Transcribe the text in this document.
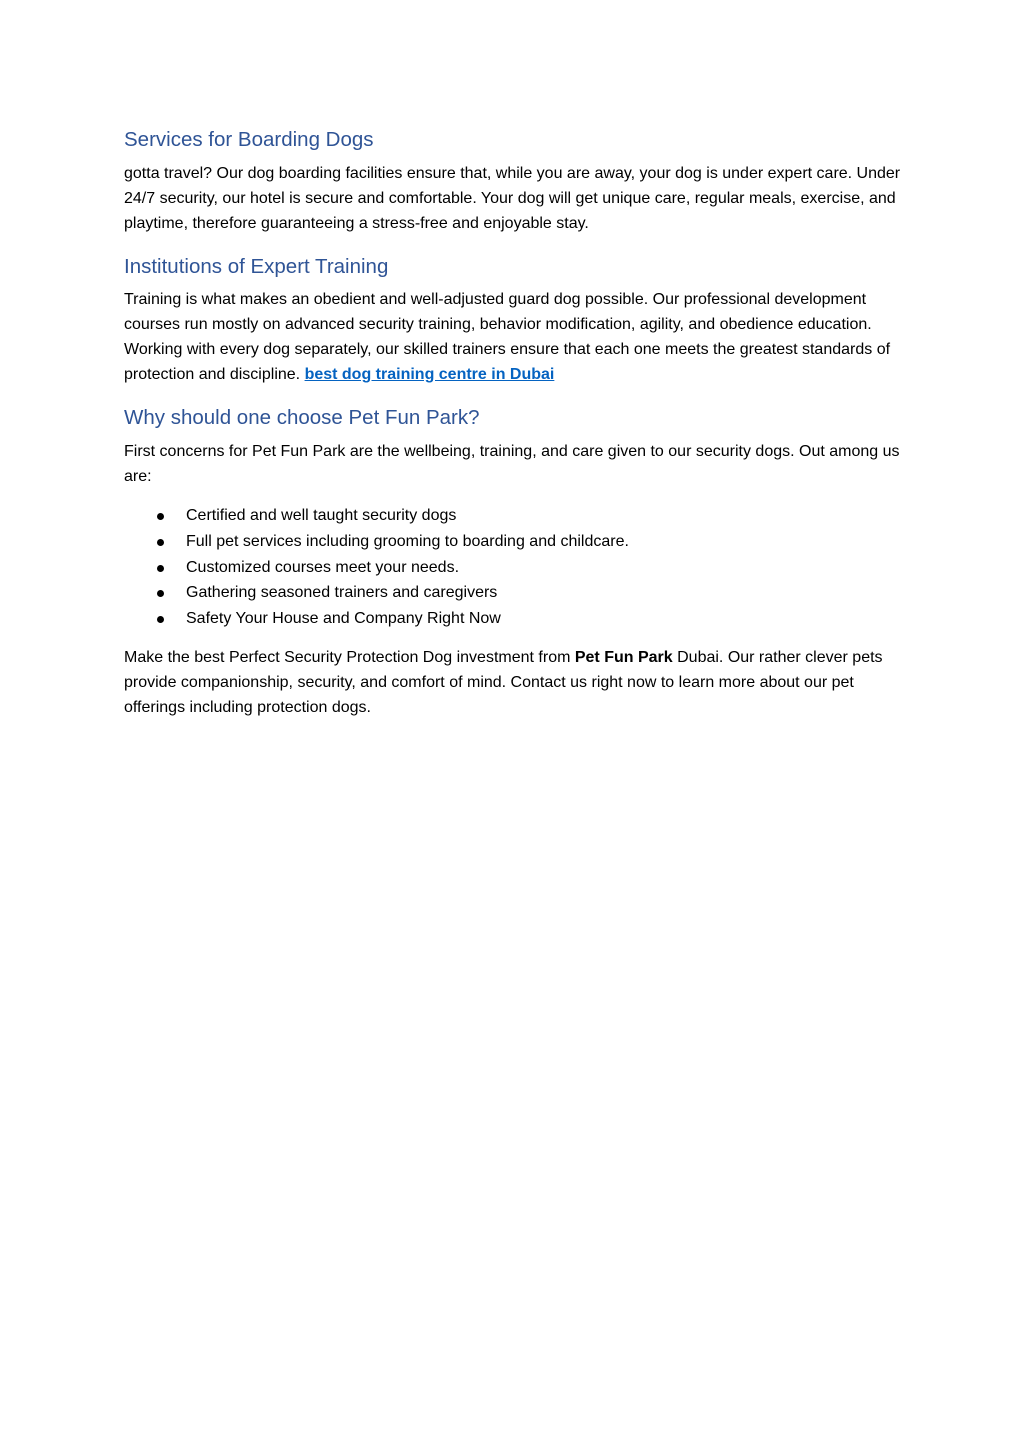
Services for Boarding Dogs

gotta travel? Our dog boarding facilities ensure that, while you are away, your dog is under expert care. Under 24/7 security, our hotel is secure and comfortable. Your dog will get unique care, regular meals, exercise, and playtime, therefore guaranteeing a stress-free and enjoyable stay.

Institutions of Expert Training

Training is what makes an obedient and well-adjusted guard dog possible. Our professional development courses run mostly on advanced security training, behavior modification, agility, and obedience education. Working with every dog separately, our skilled trainers ensure that each one meets the greatest standards of protection and discipline. best dog training centre in Dubai

Why should one choose Pet Fun Park?

First concerns for Pet Fun Park are the wellbeing, training, and care given to our security dogs. Out among us are:

Certified and well taught security dogs
Full pet services including grooming to boarding and childcare.
Customized courses meet your needs.
Gathering seasoned trainers and caregivers
Safety Your House and Company Right Now

Make the best Perfect Security Protection Dog investment from Pet Fun Park Dubai. Our rather clever pets provide companionship, security, and comfort of mind. Contact us right now to learn more about our pet offerings including protection dogs.
